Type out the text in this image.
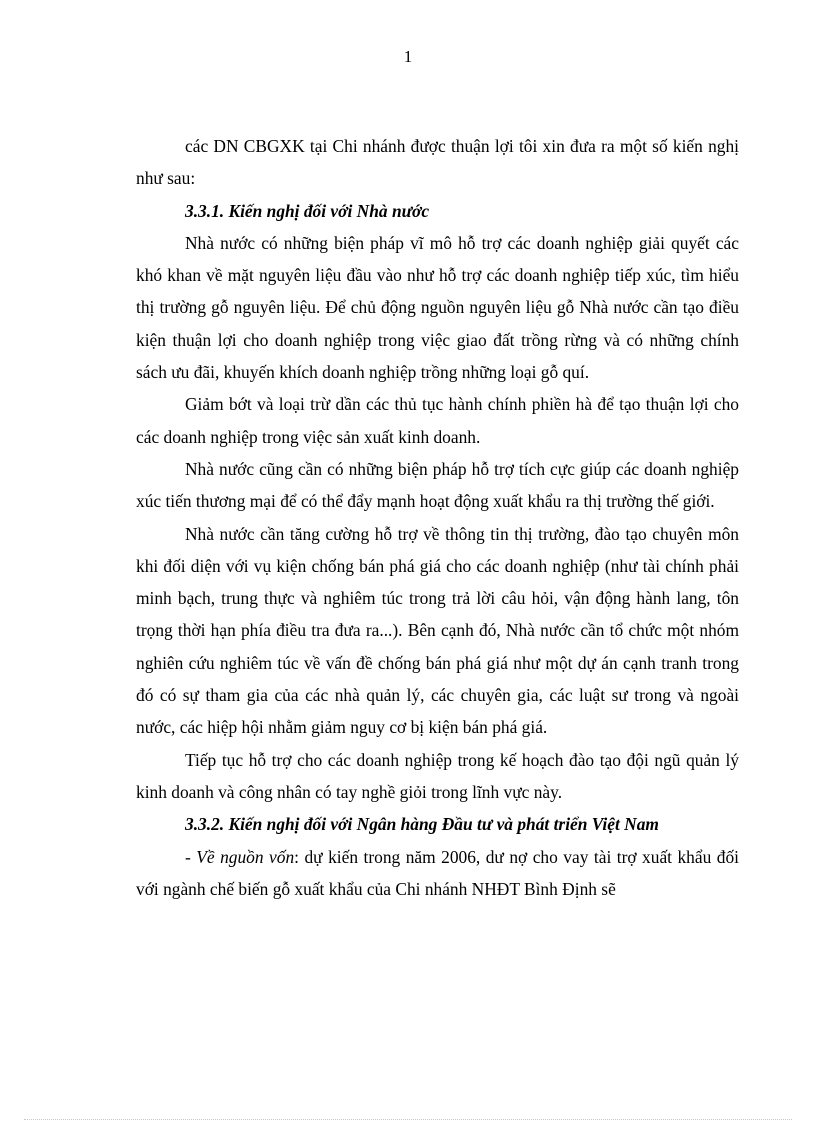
1

các DN CBGXK tại Chi nhánh được thuận lợi tôi xin đưa ra một số kiến nghị như sau:

3.3.1. Kiến nghị đối với Nhà nước

Nhà nước có những biện pháp vĩ mô hỗ trợ các doanh nghiệp giải quyết các khó khan về mặt nguyên liệu đầu vào như hỗ trợ các doanh nghiệp tiếp xúc, tìm hiểu thị trường gỗ nguyên liệu. Để chủ động nguồn nguyên liệu gỗ Nhà nước cần tạo điều kiện thuận lợi cho doanh nghiệp trong việc giao đất trồng rừng và có những chính sách ưu đãi, khuyến khích doanh nghiệp trồng những loại gỗ quí.

Giảm bớt và loại trừ dần các thủ tục hành chính phiền hà để tạo thuận lợi cho các doanh nghiệp trong việc sản xuất kinh doanh.

Nhà nước cũng cần có những biện pháp hỗ trợ tích cực giúp các doanh nghiệp xúc tiến thương mại để có thể đẩy mạnh hoạt động xuất khẩu ra thị trường thế giới.

Nhà nước cần tăng cường hỗ trợ về thông tin thị trường, đào tạo chuyên môn khi đối diện với vụ kiện chống bán phá giá cho các doanh nghiệp (như tài chính phải minh bạch, trung thực và nghiêm túc trong trả lời câu hỏi, vận động hành lang, tôn trọng thời hạn phía điều tra đưa ra...). Bên cạnh đó, Nhà nước cần tổ chức một nhóm nghiên cứu nghiêm túc về vấn đề chống bán phá giá như một dự án cạnh tranh trong đó có sự tham gia của các nhà quản lý, các chuyên gia, các luật sư trong và ngoài nước, các hiệp hội nhằm giảm nguy cơ bị kiện bán phá giá.

Tiếp tục hỗ trợ cho các doanh nghiệp trong kế hoạch đào tạo đội ngũ quản lý kinh doanh và công nhân có tay nghề giỏi trong lĩnh vực này.

3.3.2. Kiến nghị đối với Ngân hàng Đầu tư và phát triển Việt Nam

- Về nguồn vốn: dự kiến trong năm 2006, dư nợ cho vay tài trợ xuất khẩu đối với ngành chế biến gỗ xuất khẩu của Chi nhánh NHĐT Bình Định sẽ
